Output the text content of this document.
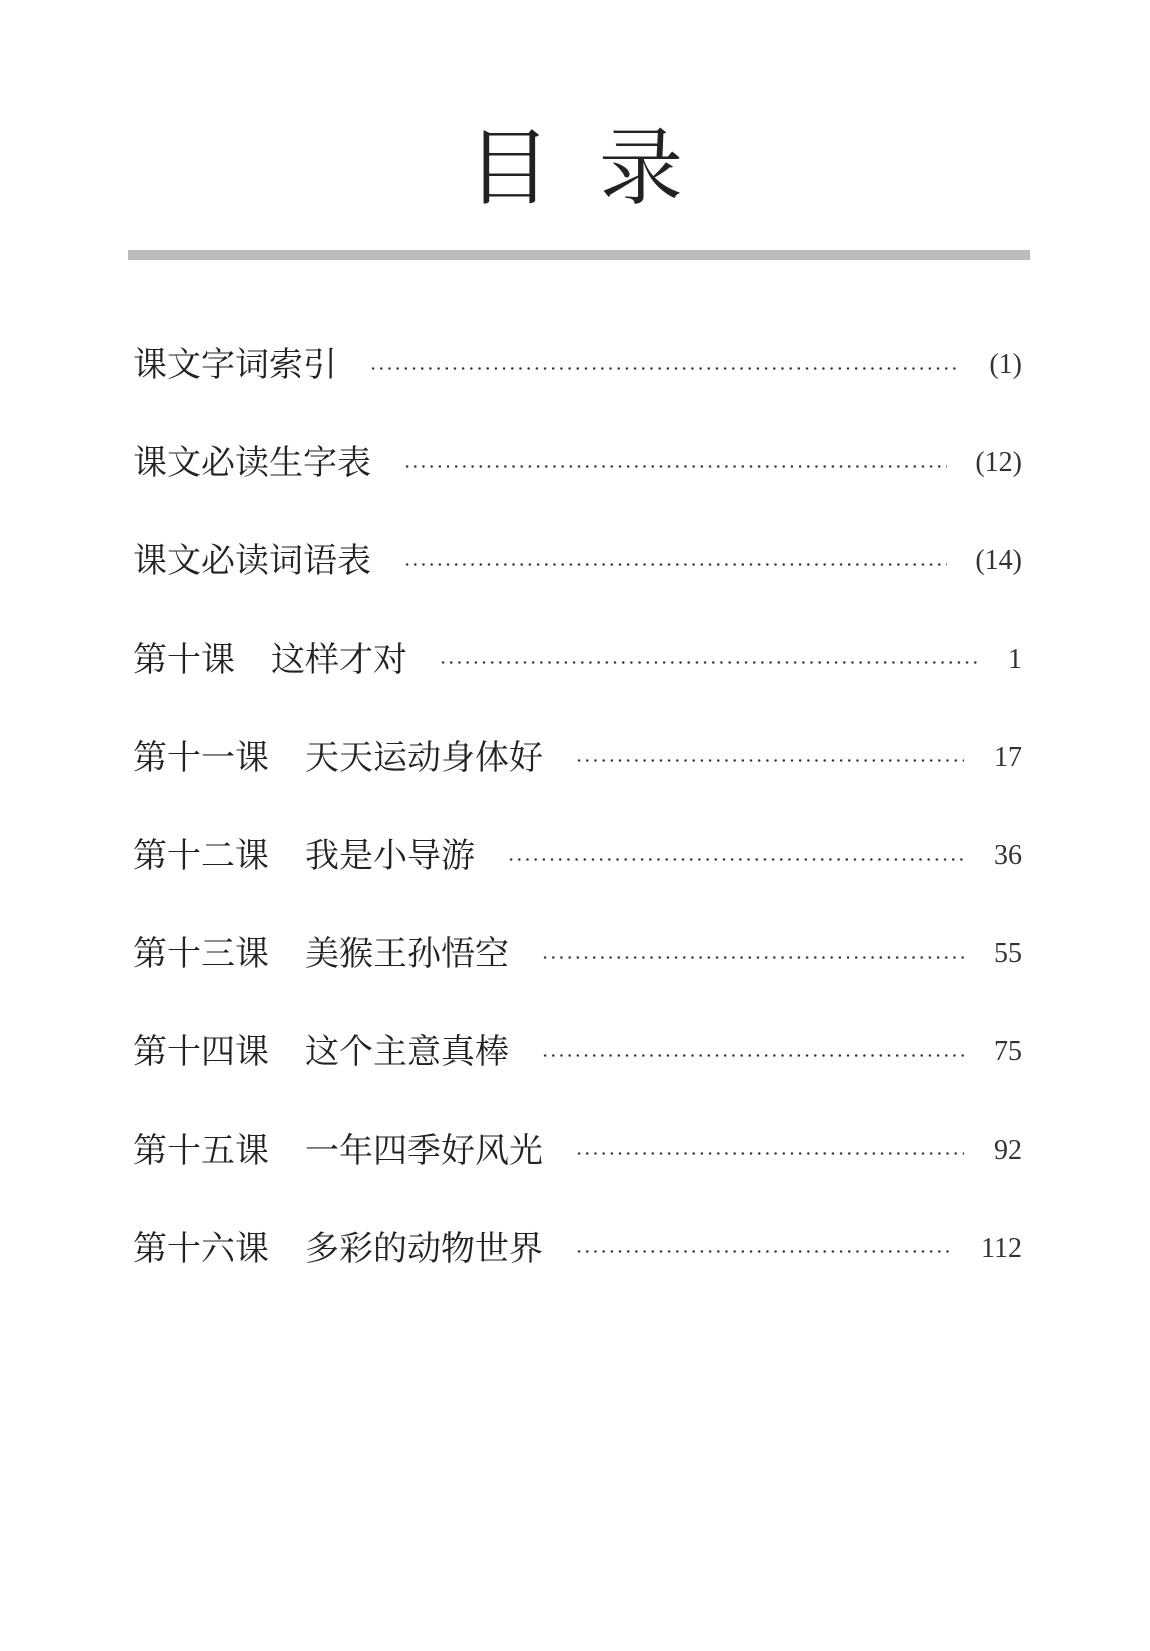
目 录
课文字词索引	(1)
课文必读生字表	(12)
课文必读词语表	(14)
第十课 这样才对	1
第十一课 天天运动身体好	17
第十二课 我是小导游	36
第十三课 美猴王孙悟空	55
第十四课 这个主意真棒	75
第十五课 一年四季好风光	92
第十六课 多彩的动物世界	112
